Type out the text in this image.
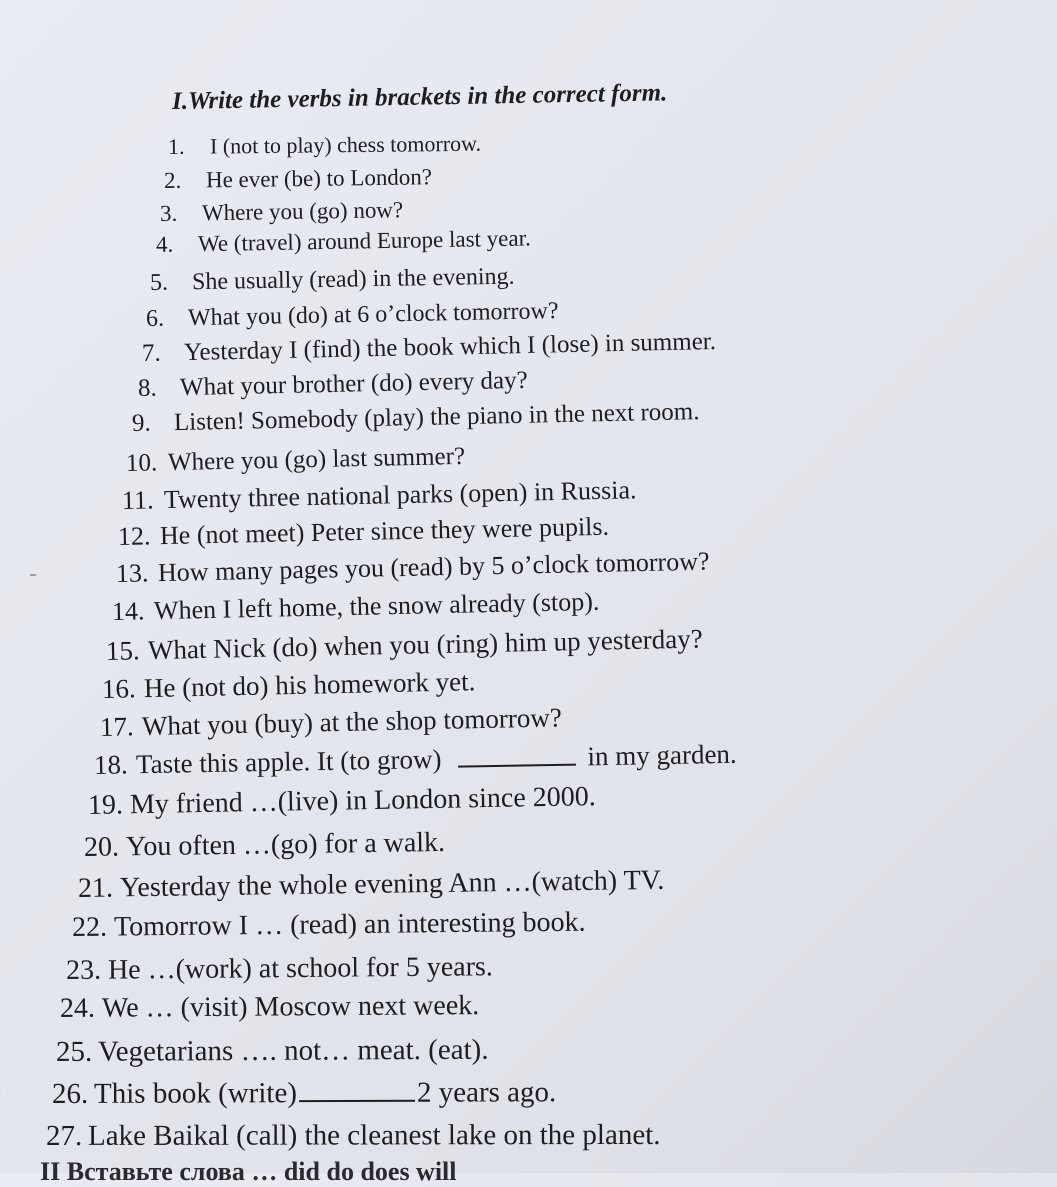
I.Write the verbs in brackets in the correct form.
1. I (not to play) chess tomorrow.
2. He ever (be) to London?
3. Where you (go) now?
4. We (travel) around Europe last year.
5. She usually (read) in the evening.
6. What you (do) at 6 o’clock tomorrow?
7. Yesterday I (find) the book which I (lose) in summer.
8. What your brother (do) every day?
9. Listen! Somebody (play) the piano in the next room.
10. Where you (go) last summer?
11. Twenty three national parks (open) in Russia.
12. He (not meet) Peter since they were pupils.
13. How many pages you (read) by 5 o’clock tomorrow?
14. When I left home, the snow already (stop).
15. What Nick (do) when you (ring) him up yesterday?
16. He (not do) his homework yet.
17. What you (buy) at the shop tomorrow?
18. Taste this apple. It (to grow)	in my garden.
19. My friend …(live) in London since 2000.
20. You often …(go) for a walk.
21. Yesterday the whole evening Ann …(watch) TV.
22. Tomorrow I … (read) an interesting book.
23. He …(work) at school for 5 years.
24. We … (visit) Moscow next week.
25. Vegetarians …. not… meat. (eat).
26. This book (write)	2 years ago.
27. Lake Baikal (call) the cleanest lake on the planet.
II Вставьте слова … did do does will
